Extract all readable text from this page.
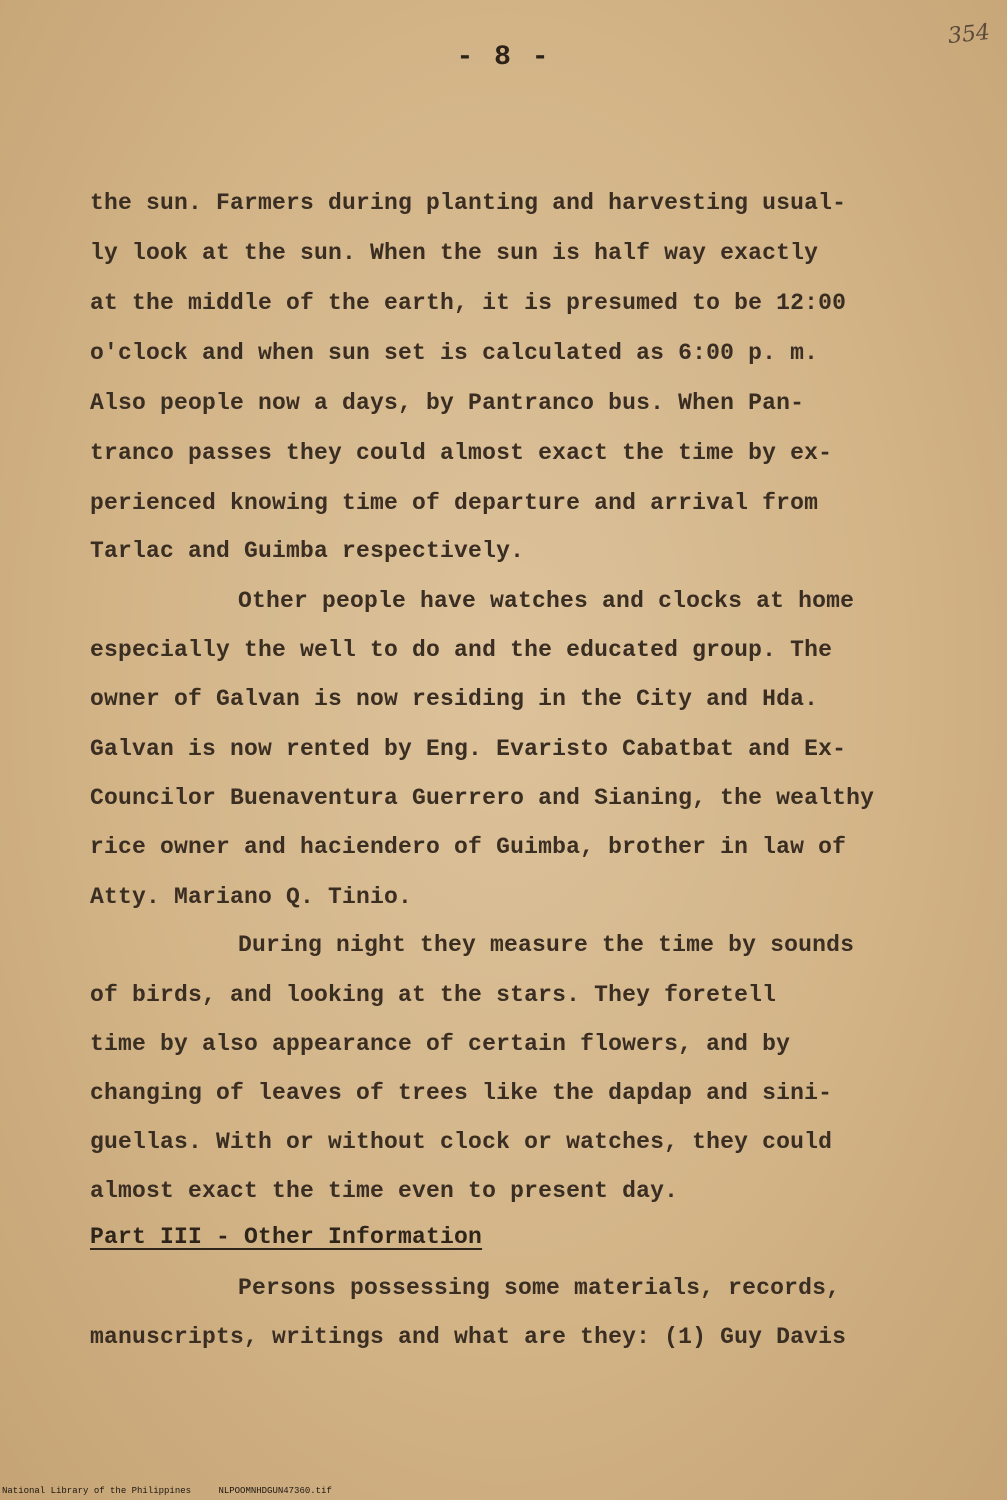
- 8 -
354
the sun. Farmers during planting and harvesting usual-
ly look at the sun. When the sun is half way exactly
at the middle of the earth, it is presumed to be 12:00
o'clock and when sun set is calculated as 6:00 p. m.
Also people now a days, by Pantranco bus. When Pan-
tranco passes they could almost exact the time by ex-
perienced knowing time of departure and arrival from
Tarlac and Guimba respectively.
Other people have watches and clocks at home
especially the well to do and the educated group. The
owner of Galvan is now residing in the City and Hda.
Galvan is now rented by Eng. Evaristo Cabatbat and Ex-
Councilor Buenaventura Guerrero and Sianing, the wealthy
rice owner and haciendero of Guimba, brother in law of
Atty. Mariano Q. Tinio.
During night they measure the time by sounds
of birds, and looking at the stars. They foretell
time by also appearance of certain flowers, and by
changing of leaves of trees like the dapdap and sini-
guellas. With or without clock or watches, they could
almost exact the time even to present day.
Part III - Other Information
Persons possessing some materials, records,
manuscripts, writings and what are they: (1) Guy Davis
National Library of the Philippines	NLPOOMNHDGUN47360.tif
